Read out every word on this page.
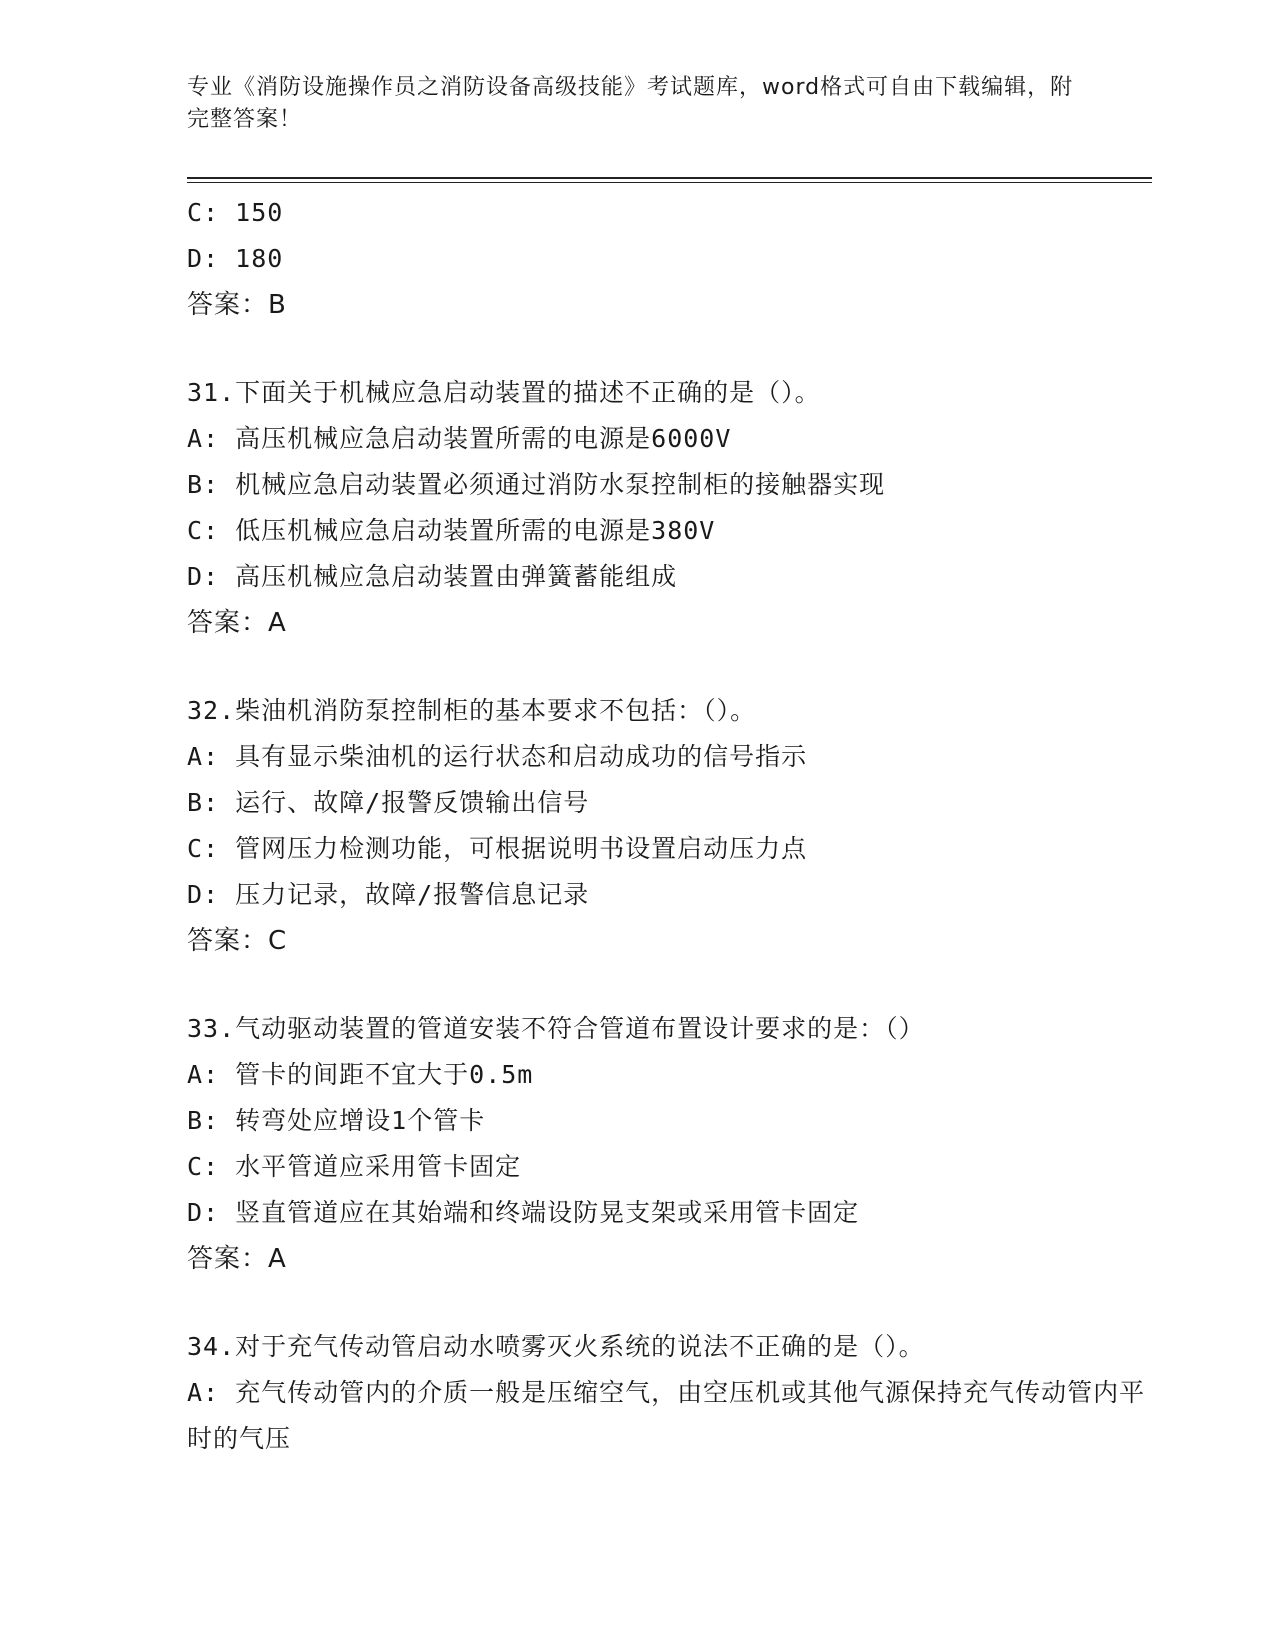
专业《消防设施操作员之消防设备高级技能》考试题库，word格式可自由下载编辑，附完整答案！
C: 150
D: 180
答案：B
31.下面关于机械应急启动装置的描述不正确的是（）。
A: 高压机械应急启动装置所需的电源是6000V
B: 机械应急启动装置必须通过消防水泵控制柜的接触器实现
C: 低压机械应急启动装置所需的电源是380V
D: 高压机械应急启动装置由弹簧蓄能组成
答案：A
32.柴油机消防泵控制柜的基本要求不包括：（）。
A: 具有显示柴油机的运行状态和启动成功的信号指示
B: 运行、故障/报警反馈输出信号
C: 管网压力检测功能，可根据说明书设置启动压力点
D: 压力记录，故障/报警信息记录
答案：C
33.气动驱动装置的管道安装不符合管道布置设计要求的是：（）
A: 管卡的间距不宜大于0.5m
B: 转弯处应增设1个管卡
C: 水平管道应采用管卡固定
D: 竖直管道应在其始端和终端设防晃支架或采用管卡固定
答案：A
34.对于充气传动管启动水喷雾灭火系统的说法不正确的是（）。
A: 充气传动管内的介质一般是压缩空气，由空压机或其他气源保持充气传动管内平时的气压
